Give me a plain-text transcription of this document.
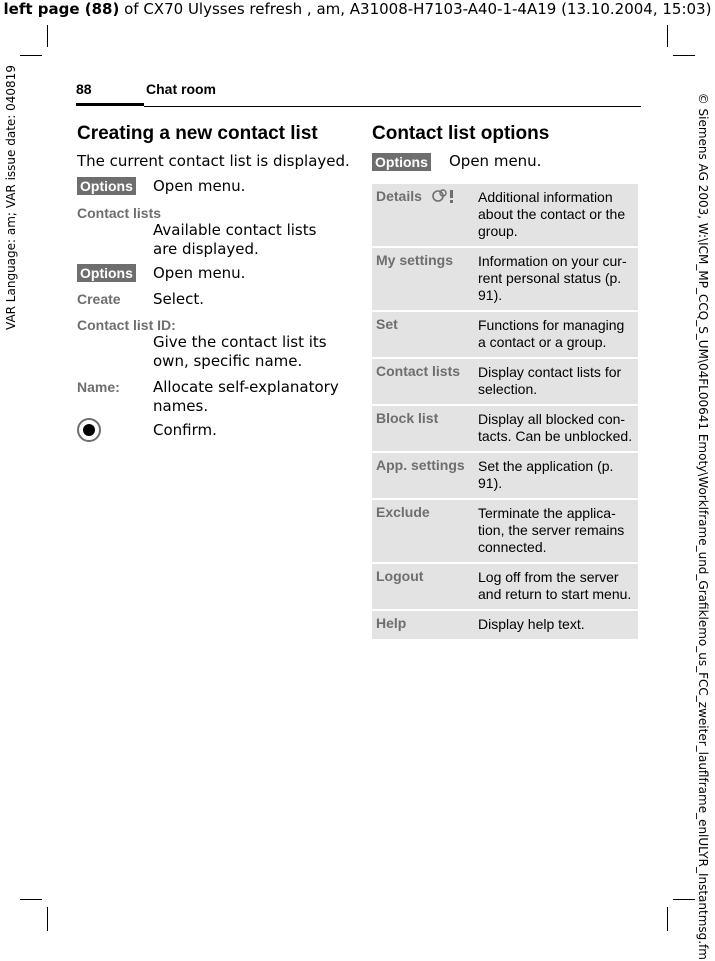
left page (88) of CX70 Ulysses refresh , am, A31008-H7103-A40-1-4A19 (13.10.2004, 15:03)
VAR Language: am; VAR issue date: 040819	© Siemens AG 2003, W:\ICM_MP_CCQ_S_UM\04FL00641 Emoty\Worklframe_und_Grafiklemo_us_FCC_zweiter_lauflframe_enlULYR_Instantmsg.fm
88	Chat room
Creating a new contact list
The current contact list is displayed.
Options Open menu.
Contact lists
Available contact lists are displayed.
Options Open menu.
Create Select.
Contact list ID:
Give the contact list its own, specific name.
Name: Allocate self-explanatory names.
Confirm.
Contact list options
Options Open menu.
Details	Additional information about the contact or the group.
My settings	Information on your cur-rent personal status (p. 91).
Set	Functions for managing a contact or a group.
Contact lists	Display contact lists for selection.
Block list	Display all blocked con-tacts. Can be unblocked.
App. settings	Set the application (p. 91).
Exclude	Terminate the applica-tion, the server remains connected.
Logout	Log off from the server and return to start menu.
Help	Display help text.
